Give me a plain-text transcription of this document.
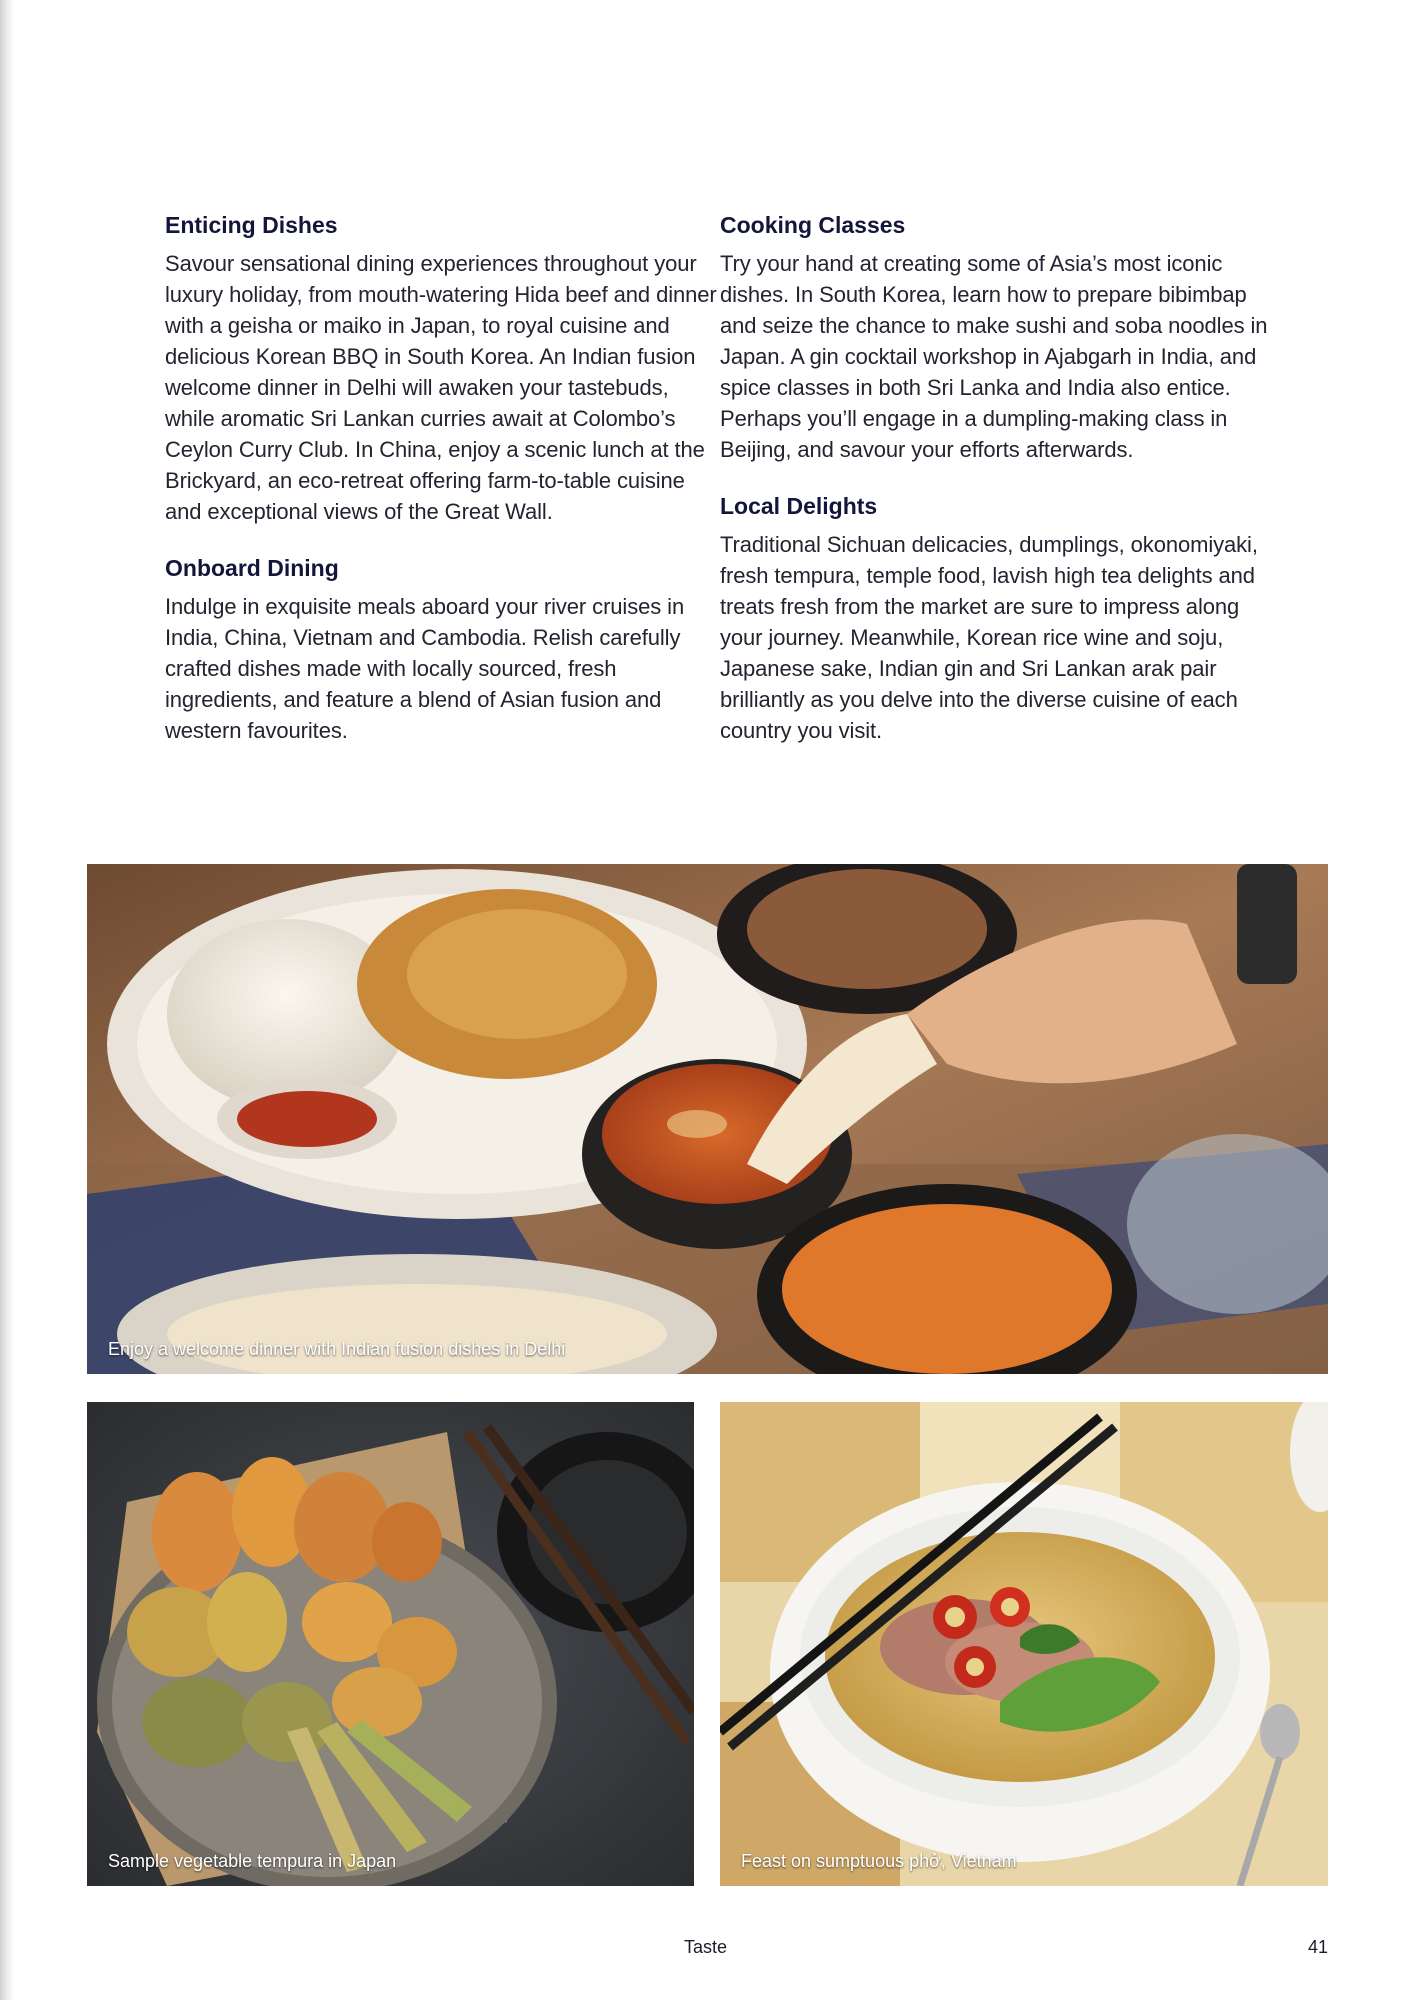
Enticing Dishes

Savour sensational dining experiences throughout your luxury holiday, from mouth-watering Hida beef and dinner with a geisha or maiko in Japan, to royal cuisine and delicious Korean BBQ in South Korea. An Indian fusion welcome dinner in Delhi will awaken your tastebuds, while aromatic Sri Lankan curries await at Colombo’s Ceylon Curry Club. In China, enjoy a scenic lunch at the Brickyard, an eco-retreat offering farm-to-table cuisine and exceptional views of the Great Wall.

Onboard Dining

Indulge in exquisite meals aboard your river cruises in India, China, Vietnam and Cambodia. Relish carefully crafted dishes made with locally sourced, fresh ingredients, and feature a blend of Asian fusion and western favourites.

Cooking Classes

Try your hand at creating some of Asia’s most iconic dishes. In South Korea, learn how to prepare bibimbap and seize the chance to make sushi and soba noodles in Japan. A gin cocktail workshop in Ajabgarh in India, and spice classes in both Sri Lanka and India also entice. Perhaps you’ll engage in a dumpling-making class in Beijing, and savour your efforts afterwards.

Local Delights

Traditional Sichuan delicacies, dumplings, okonomiyaki, fresh tempura, temple food, lavish high tea delights and treats fresh from the market are sure to impress along your journey. Meanwhile, Korean rice wine and soju, Japanese sake, Indian gin and Sri Lankan arak pair brilliantly as you delve into the diverse cuisine of each country you visit.

Enjoy a welcome dinner with Indian fusion dishes in Delhi
Sample vegetable tempura in Japan	Feast on sumptuous phở, Vietnam
Taste	41
